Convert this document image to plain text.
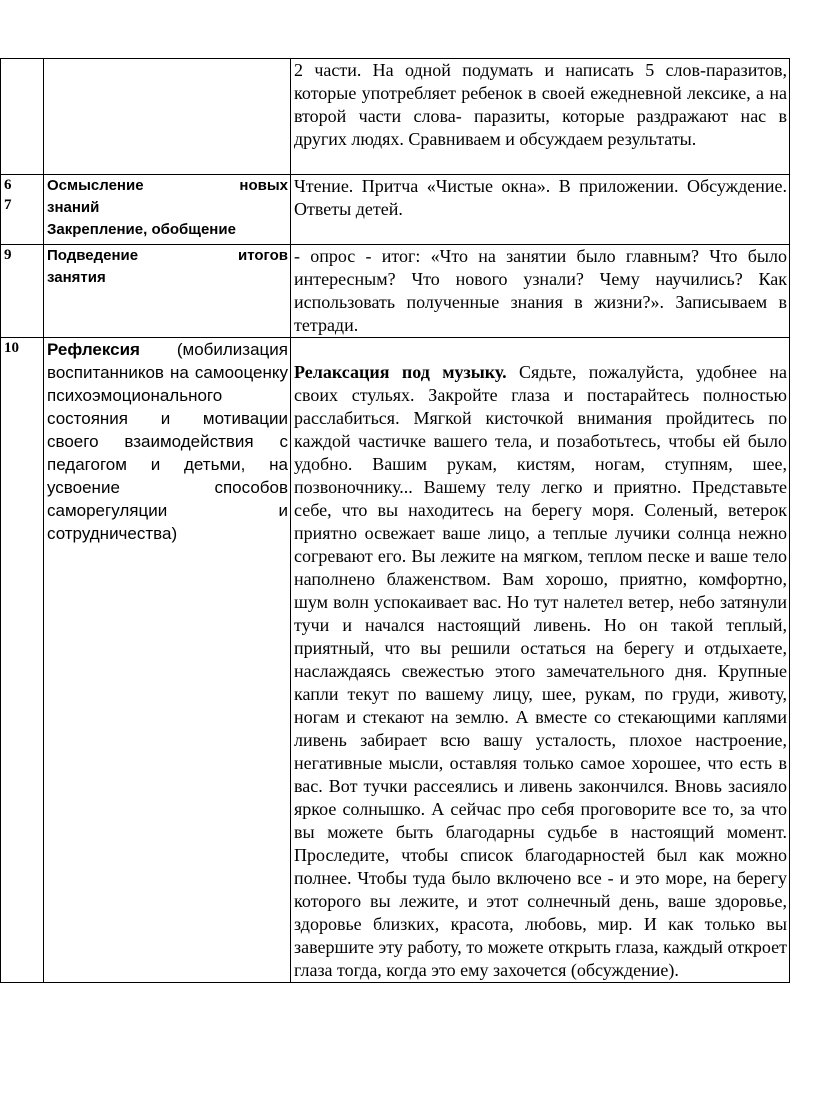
		2 части. На одной подумать и написать 5 слов-паразитов, которые употребляет ребенок в своей ежедневной лексике, а на второй части слова- паразиты, которые раздражают нас в других людях. Сравниваем и обсуждаем результаты.

6
7	Осмысление новых
знаний
Закрепление, обобщение	Чтение. Притча «Чистые окна». В приложении. Обсуждение. Ответы детей.
9	Подведение итогов
занятия	- опрос - итог: «Что на занятии было главным? Что было интересным? Что нового узнали? Чему научились? Как использовать полученные знания в жизни?». Записываем в тетради.
10	Рефлексия (мобилизация воспитанников на самооценку психоэмоционального состояния и мотивации своего взаимодействия с педагогом и детьми, на усвоение способов саморегуляции и сотрудничества)	Релаксация под музыку. Сядьте, пожалуйста, удобнее на своих стульях. Закройте глаза и постарайтесь полностью расслабиться. Мягкой кисточкой внимания пройдитесь по каждой частичке вашего тела, и позаботьтесь, чтобы ей было удобно. Вашим рукам, кистям, ногам, ступням, шее, позвоночнику... Вашему телу легко и приятно. Представьте себе, что вы находитесь на берегу моря. Соленый, ветерок приятно освежает ваше лицо, а теплые лучики солнца нежно согревают его. Вы лежите на мягком, теплом песке и ваше тело наполнено блаженством. Вам хорошо, приятно, комфортно, шум волн успокаивает вас. Но тут налетел ветер, небо затянули тучи и начался настоящий ливень. Но он такой теплый, приятный, что вы решили остаться на берегу и отдыхаете, наслаждаясь свежестью этого замечательного дня. Крупные капли текут по вашему лицу, шее, рукам, по груди, животу, ногам и стекают на землю. А вместе со стекающими каплями ливень забирает всю вашу усталость, плохое настроение, негативные мысли, оставляя только самое хорошее, что есть в вас. Вот тучки рассеялись и ливень закончился. Вновь засияло яркое солнышко. А сейчас про себя проговорите все то, за что вы можете быть благодарны судьбе в настоящий момент. Проследите, чтобы список благодарностей был как можно полнее. Чтобы туда было включено все - и это море, на берегу которого вы лежите, и этот солнечный день, ваше здоровье, здоровье близких, красота, любовь, мир. И как только вы завершите эту работу, то можете открыть глаза, каждый откроет глаза тогда, когда это ему захочется (обсуждение).
